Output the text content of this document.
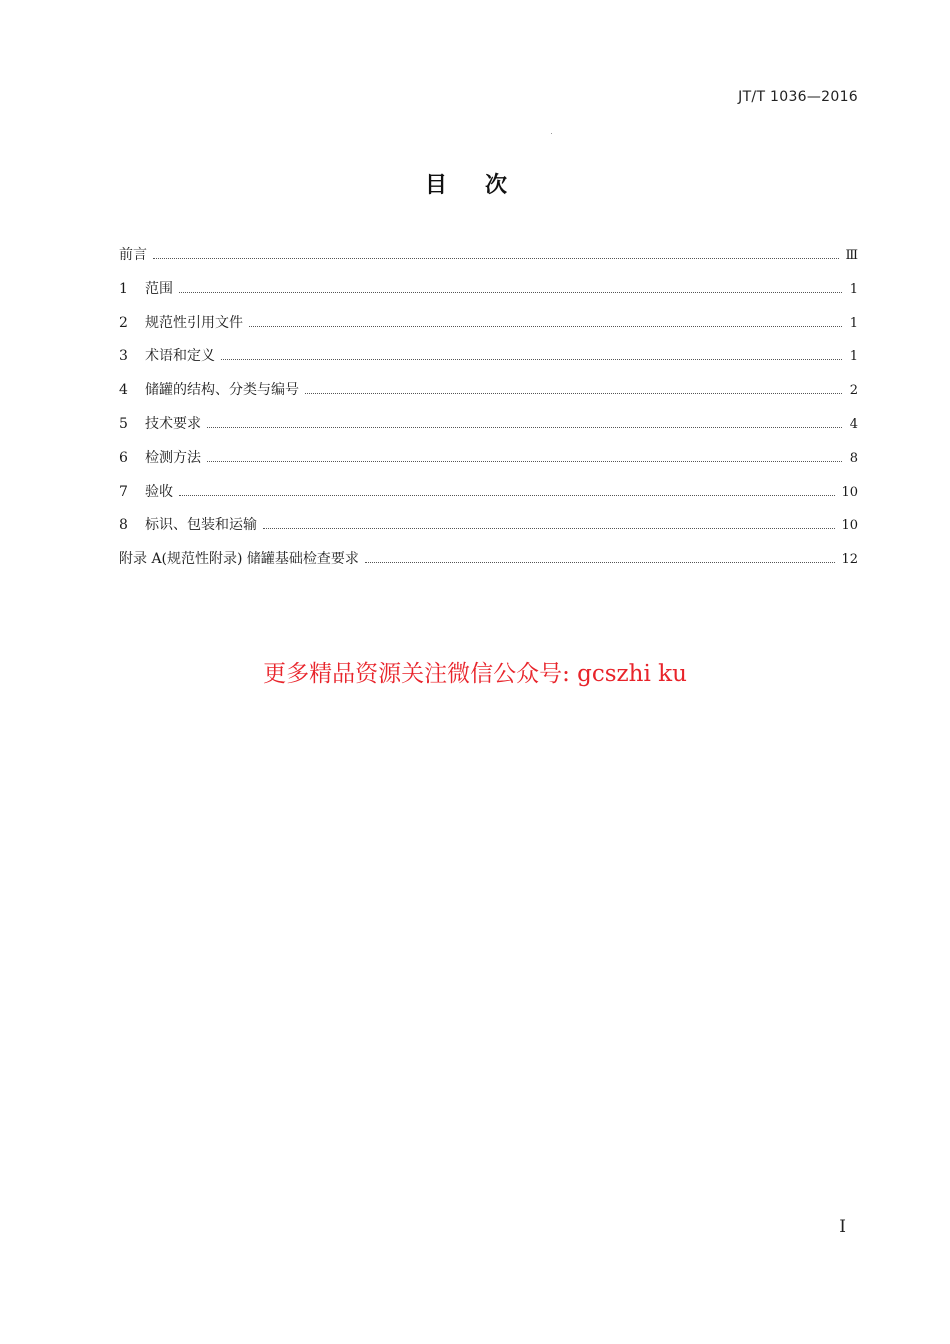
JT/T 1036—2016
目次
前言	Ⅲ
1	范围	1
2	规范性引用文件	1
3	术语和定义	1
4	储罐的结构、分类与编号	2
5	技术要求	4
6	检测方法	8
7	验收	10
8	标识、包装和运输	10
附录 A(规范性附录) 储罐基础检查要求	12
更多精品资源关注微信公众号: gcszhi ku
I
